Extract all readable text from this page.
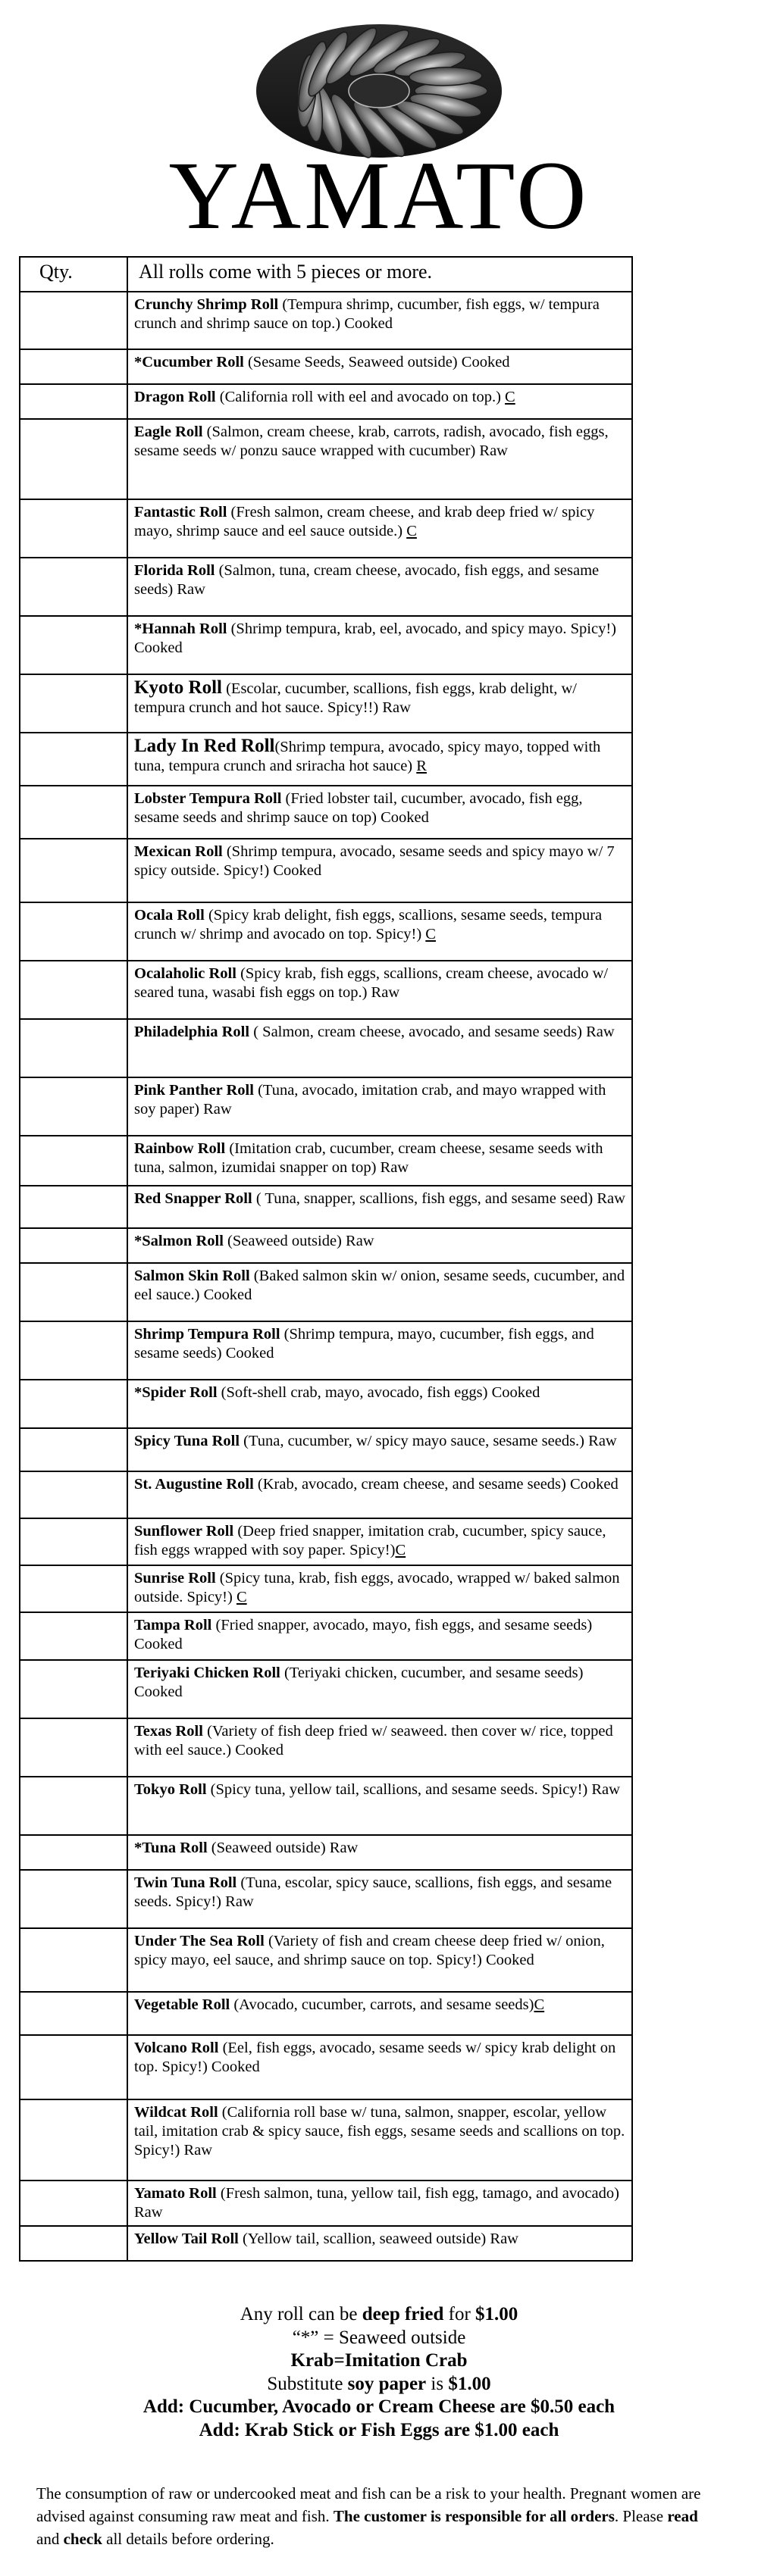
YAMATO
Qty.	All rolls come with 5 pieces or more.
	Crunchy Shrimp Roll (Tempura shrimp, cucumber, fish eggs, w/ tempura crunch and shrimp sauce on top.) Cooked
	*Cucumber Roll (Sesame Seeds, Seaweed outside) Cooked
	Dragon Roll (California roll with eel and avocado on top.) C
	Eagle Roll (Salmon, cream cheese, krab, carrots, radish, avocado, fish eggs, sesame seeds w/ ponzu sauce wrapped with cucumber) Raw
	Fantastic Roll (Fresh salmon, cream cheese, and krab deep fried w/ spicy mayo, shrimp sauce and eel sauce outside.) C
	Florida Roll (Salmon, tuna, cream cheese, avocado, fish eggs, and sesame seeds) Raw
	*Hannah Roll (Shrimp tempura, krab, eel, avocado, and spicy mayo. Spicy!) Cooked
	Kyoto Roll (Escolar, cucumber, scallions, fish eggs, krab delight, w/ tempura crunch and hot sauce. Spicy!!) Raw
	Lady In Red Roll(Shrimp tempura, avocado, spicy mayo, topped with tuna, tempura crunch and sriracha hot sauce) R
	Lobster Tempura Roll (Fried lobster tail, cucumber, avocado, fish egg, sesame seeds and shrimp sauce on top) Cooked
	Mexican Roll (Shrimp tempura, avocado, sesame seeds and spicy mayo w/ 7 spicy outside. Spicy!) Cooked
	Ocala Roll (Spicy krab delight, fish eggs, scallions, sesame seeds, tempura crunch w/ shrimp and avocado on top. Spicy!) C
	Ocalaholic Roll (Spicy krab, fish eggs, scallions, cream cheese, avocado w/ seared tuna, wasabi fish eggs on top.) Raw
	Philadelphia Roll ( Salmon, cream cheese, avocado, and sesame seeds) Raw
	Pink Panther Roll (Tuna, avocado, imitation crab, and mayo wrapped with soy paper) Raw
	Rainbow Roll (Imitation crab, cucumber, cream cheese, sesame seeds with tuna, salmon, izumidai snapper on top) Raw
	Red Snapper Roll ( Tuna, snapper, scallions, fish eggs, and sesame seed) Raw
	*Salmon Roll (Seaweed outside) Raw
	Salmon Skin Roll (Baked salmon skin w/ onion, sesame seeds, cucumber, and eel sauce.) Cooked
	Shrimp Tempura Roll (Shrimp tempura, mayo, cucumber, fish eggs, and sesame seeds) Cooked
	*Spider Roll (Soft-shell crab, mayo, avocado, fish eggs) Cooked
	Spicy Tuna Roll (Tuna, cucumber, w/ spicy mayo sauce, sesame seeds.) Raw
	St. Augustine Roll (Krab, avocado, cream cheese, and sesame seeds) Cooked
	Sunflower Roll (Deep fried snapper, imitation crab, cucumber, spicy sauce, fish eggs wrapped with soy paper. Spicy!)C
	Sunrise Roll (Spicy tuna, krab, fish eggs, avocado, wrapped w/ baked salmon outside. Spicy!) C
	Tampa Roll (Fried snapper, avocado, mayo, fish eggs, and sesame seeds) Cooked
	Teriyaki Chicken Roll (Teriyaki chicken, cucumber, and sesame seeds) Cooked
	Texas Roll (Variety of fish deep fried w/ seaweed. then cover w/ rice, topped with eel sauce.) Cooked
	Tokyo Roll (Spicy tuna, yellow tail, scallions, and sesame seeds. Spicy!) Raw
	*Tuna Roll (Seaweed outside) Raw
	Twin Tuna Roll (Tuna, escolar, spicy sauce, scallions, fish eggs, and sesame seeds. Spicy!) Raw
	Under The Sea Roll (Variety of fish and cream cheese deep fried w/ onion, spicy mayo, eel sauce, and shrimp sauce on top. Spicy!) Cooked
	Vegetable Roll (Avocado, cucumber, carrots, and sesame seeds)C
	Volcano Roll (Eel, fish eggs, avocado, sesame seeds w/ spicy krab delight on top. Spicy!) Cooked
	Wildcat Roll (California roll base w/ tuna, salmon, snapper, escolar, yellow tail, imitation crab & spicy sauce, fish eggs, sesame seeds and scallions on top. Spicy!) Raw
	Yamato Roll (Fresh salmon, tuna, yellow tail, fish egg, tamago, and avocado) Raw
	Yellow Tail Roll (Yellow tail, scallion, seaweed outside) Raw

Any roll can be deep fried for $1.00

“*” = Seaweed outside

Krab=Imitation Crab

Substitute soy paper is $1.00

Add: Cucumber, Avocado or Cream Cheese are $0.50 each

Add: Krab Stick or Fish Eggs are $1.00 each

The consumption of raw or undercooked meat and fish can be a risk to your health. Pregnant women are advised against consuming raw meat and fish. The customer is responsible for all orders. Please read and check all details before ordering.
